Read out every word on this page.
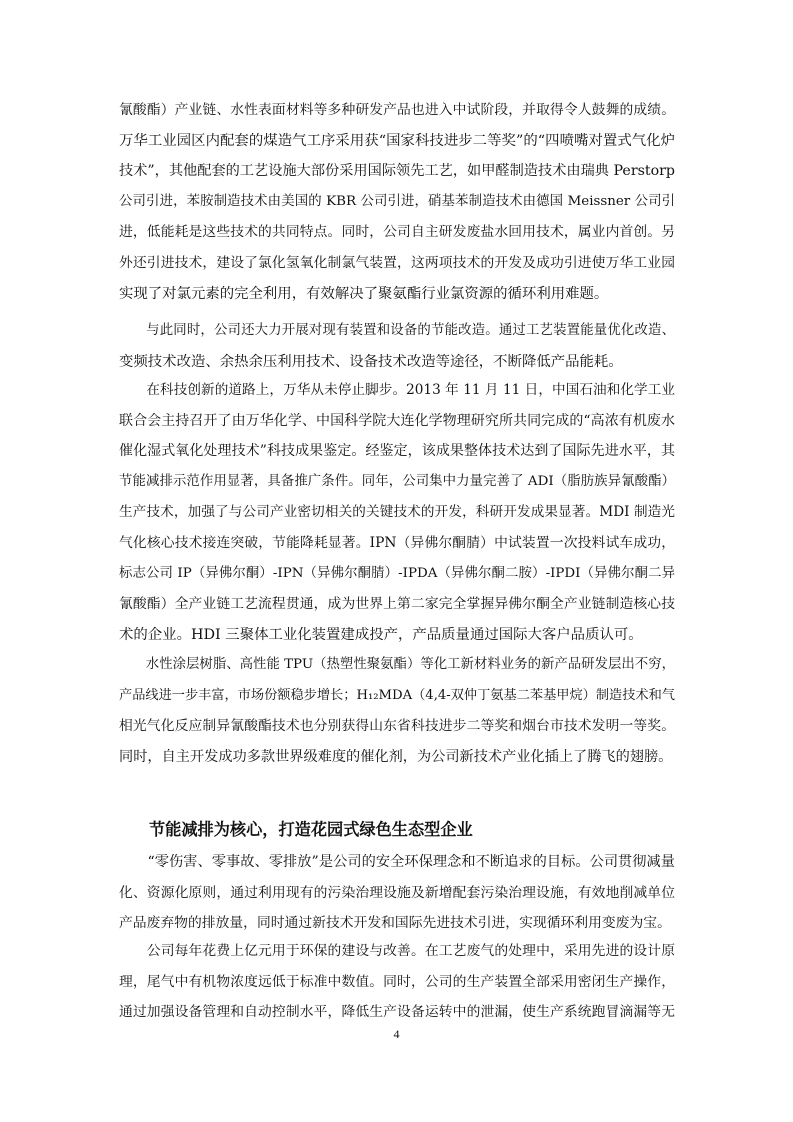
氰酸酯）产业链、水性表面材料等多种研发产品也进入中试阶段，并取得令人鼓舞的成绩。
万华工业园区内配套的煤造气工序采用获“国家科技进步二等奖”的“四喷嘴对置式气化炉
技术”，其他配套的工艺设施大部份采用国际领先工艺，如甲醛制造技术由瑞典 Perstorp
公司引进，苯胺制造技术由美国的 KBR 公司引进，硝基苯制造技术由德国 Meissner 公司引
进，低能耗是这些技术的共同特点。同时，公司自主研发废盐水回用技术，属业内首创。另
外还引进技术，建设了氯化氢氧化制氯气装置，这两项技术的开发及成功引进使万华工业园
实现了对氯元素的完全利用，有效解决了聚氨酯行业氯资源的循环利用难题。
　　与此同时，公司还大力开展对现有装置和设备的节能改造。通过工艺装置能量优化改造、
变频技术改造、余热余压利用技术、设备技术改造等途径，不断降低产品能耗。
　　在科技创新的道路上，万华从未停止脚步。2013 年 11 月 11 日，中国石油和化学工业
联合会主持召开了由万华化学、中国科学院大连化学物理研究所共同完成的“高浓有机废水
催化湿式氧化处理技术”科技成果鉴定。经鉴定，该成果整体技术达到了国际先进水平，其
节能减排示范作用显著，具备推广条件。同年，公司集中力量完善了 ADI（脂肪族异氰酸酯）
生产技术，加强了与公司产业密切相关的关键技术的开发，科研开发成果显著。MDI 制造光
气化核心技术接连突破，节能降耗显著。IPN（异佛尔酮腈）中试装置一次投料试车成功，
标志公司 IP（异佛尔酮）-IPN（异佛尔酮腈）-IPDA（异佛尔酮二胺）-IPDI（异佛尔酮二异
氰酸酯）全产业链工艺流程贯通，成为世界上第二家完全掌握异佛尔酮全产业链制造核心技
术的企业。HDI 三聚体工业化装置建成投产，产品质量通过国际大客户品质认可。
　　水性涂层树脂、高性能 TPU（热塑性聚氨酯）等化工新材料业务的新产品研发层出不穷，
产品线进一步丰富，市场份额稳步增长；H₁₂MDA（4,4-双仲丁氨基二苯基甲烷）制造技术和气
相光气化反应制异氰酸酯技术也分别获得山东省科技进步二等奖和烟台市技术发明一等奖。
同时，自主开发成功多款世界级难度的催化剂，为公司新技术产业化插上了腾飞的翅膀。
节能减排为核心，打造花园式绿色生态型企业
　　“零伤害、零事故、零排放”是公司的安全环保理念和不断追求的目标。公司贯彻减量
化、资源化原则，通过利用现有的污染治理设施及新增配套污染治理设施，有效地削减单位
产品废弃物的排放量，同时通过新技术开发和国际先进技术引进，实现循环利用变废为宝。
　　公司每年花费上亿元用于环保的建设与改善。在工艺废气的处理中，采用先进的设计原
理，尾气中有机物浓度远低于标准中数值。同时，公司的生产装置全部采用密闭生产操作，
通过加强设备管理和自动控制水平，降低生产设备运转中的泄漏，使生产系统跑冒滴漏等无
4
